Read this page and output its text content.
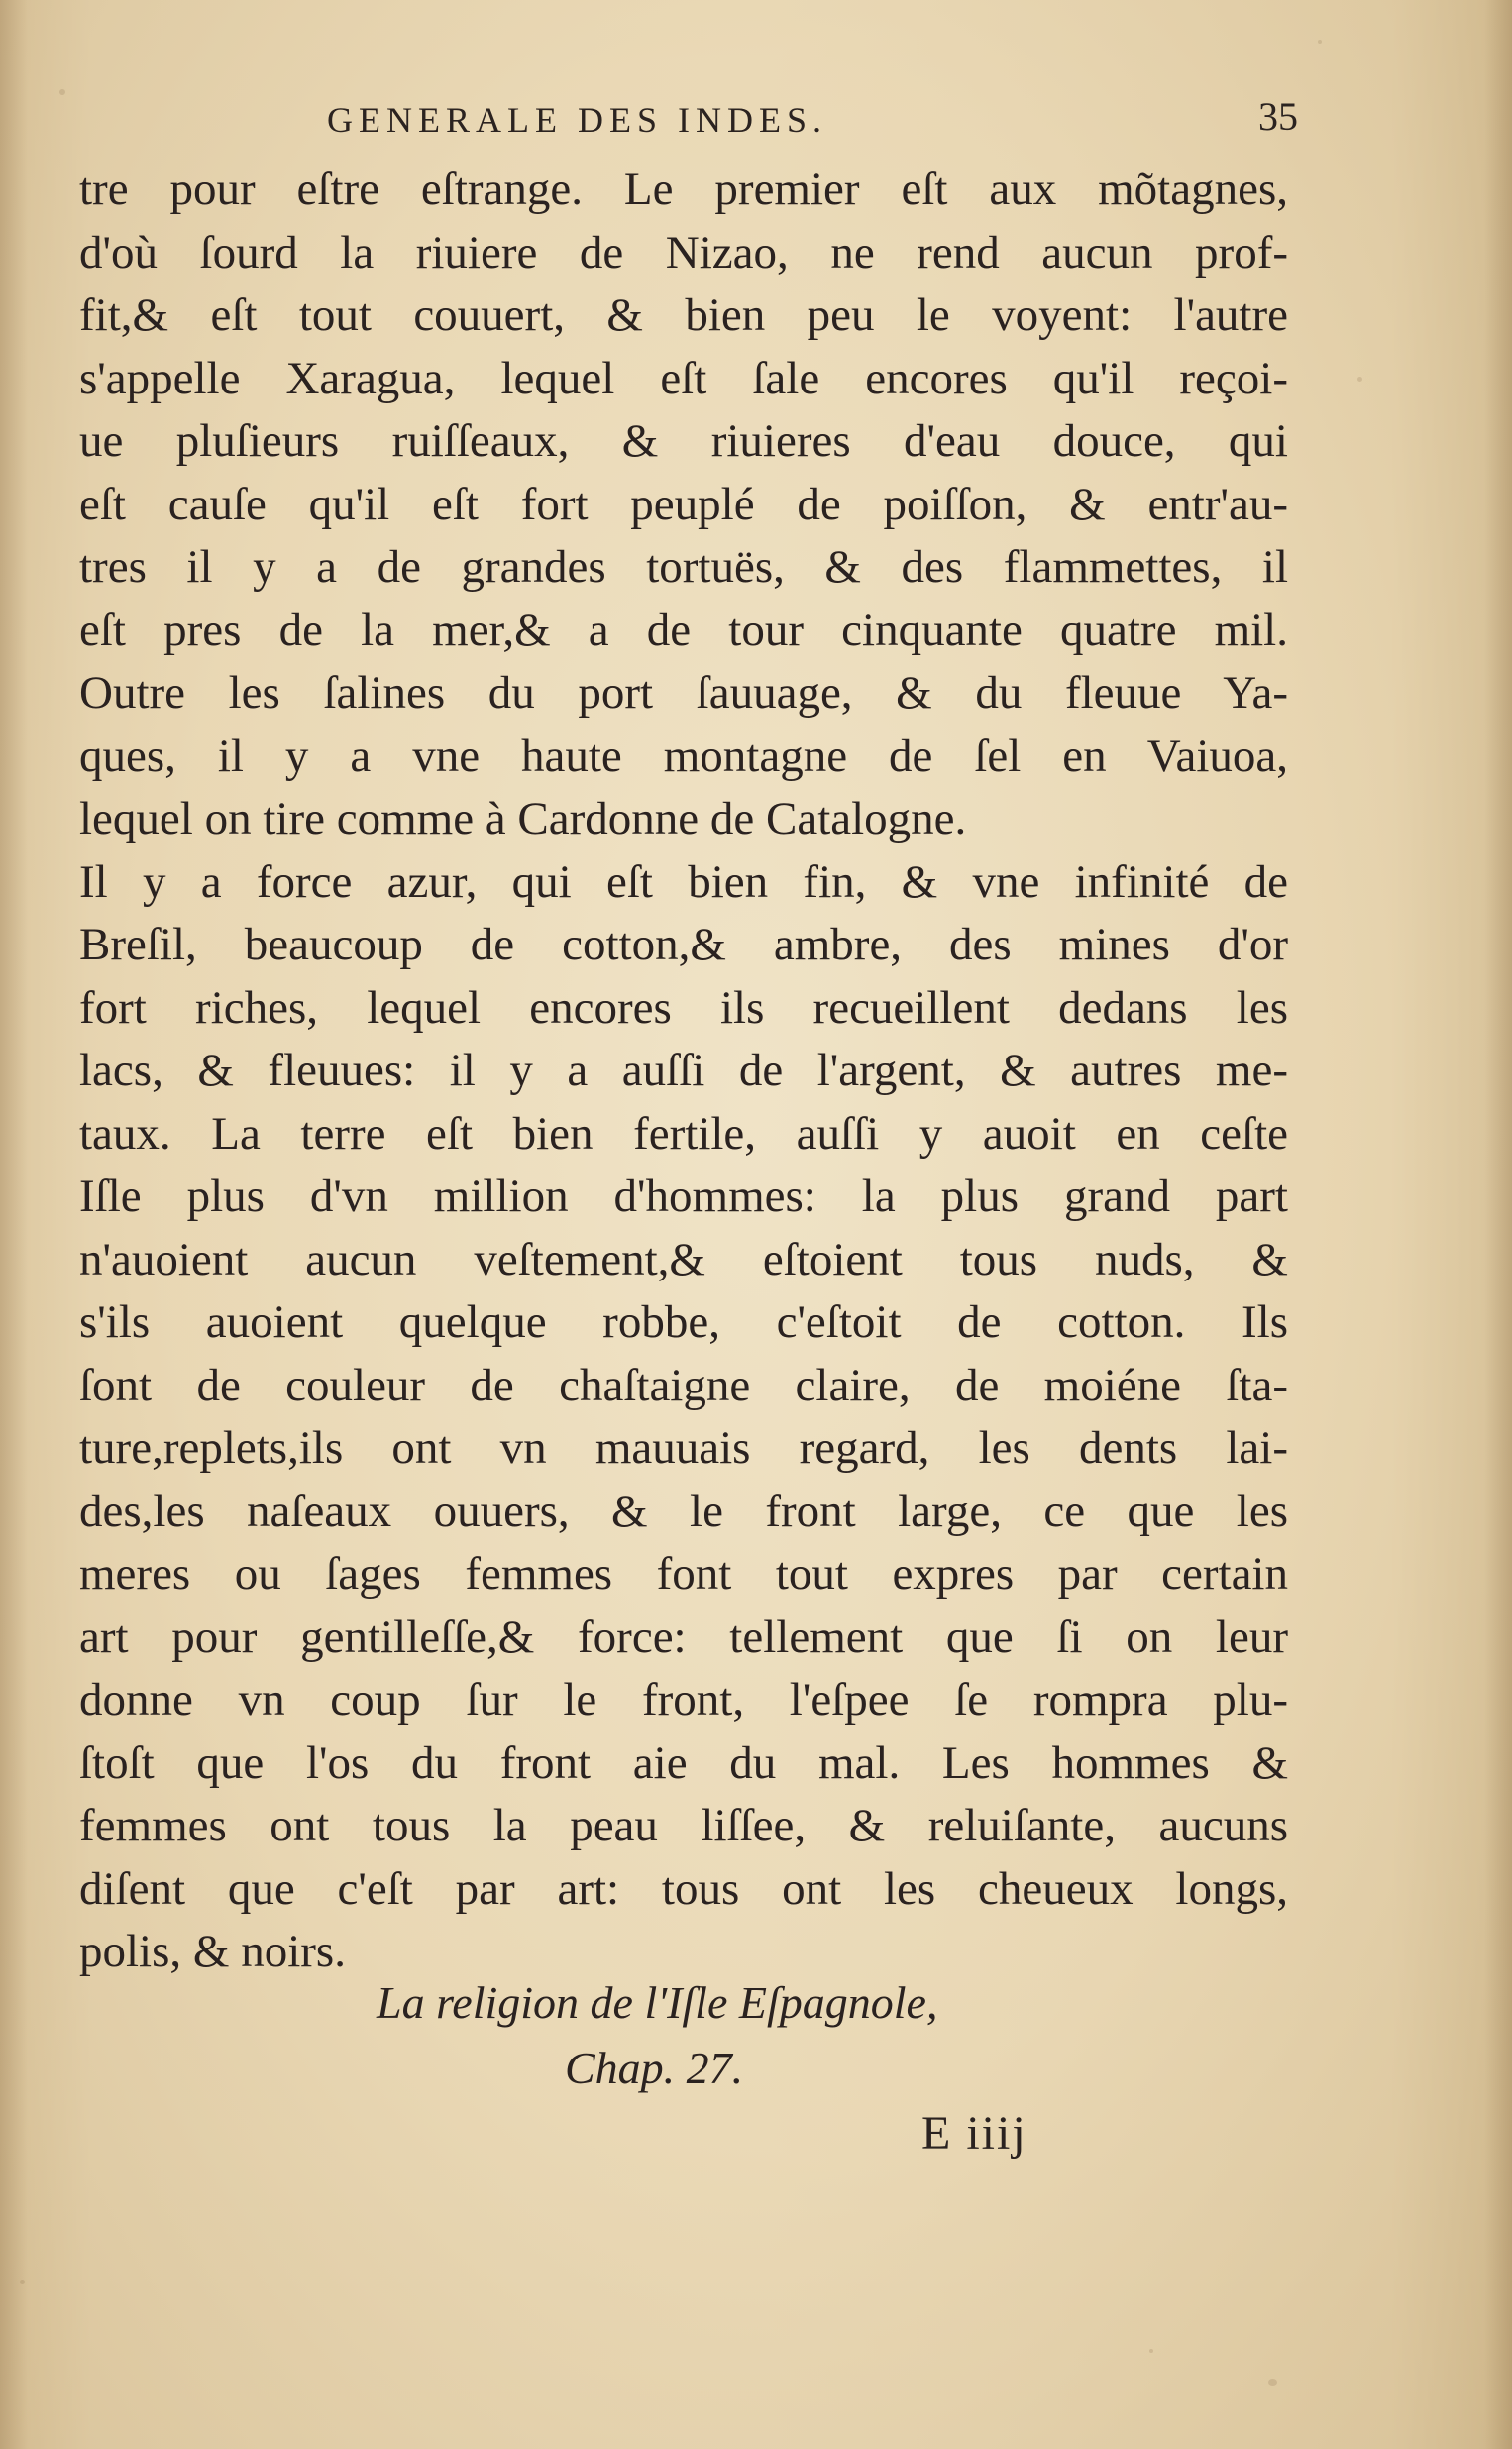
GENERALE DES INDES.	35
tre pour eſtre eſtrange. Le premier eſt aux mõtagnes,
d'où ſourd la riuiere de Nizao, ne rend aucun prof-
fit,& eſt tout couuert, & bien peu le voyent: l'autre
s'appelle Xaragua, lequel eſt ſale encores qu'il reçoi-
ue pluſieurs ruiſſeaux, & riuieres d'eau douce, qui
eſt cauſe qu'il eſt fort peuplé de poiſſon, & entr'au-
tres il y a de grandes tortuës, & des flammettes, il
eſt pres de la mer,& a de tour cinquante quatre mil.
Outre les ſalines du port ſauuage, & du fleuue Ya-
ques, il y a vne haute montagne de ſel en Vaiuoa,
lequel on tire comme à Cardonne de Catalogne.
Il y a force azur, qui eſt bien fin, & vne infinité de
Breſil, beaucoup de cotton,& ambre, des mines d'or
fort riches, lequel encores ils recueillent dedans les
lacs, & fleuues: il y a auſſi de l'argent, & autres me-
taux. La terre eſt bien fertile, auſſi y auoit en ceſte
Iſle plus d'vn million d'hommes: la plus grand part
n'auoient aucun veſtement,& eſtoient tous nuds, &
s'ils auoient quelque robbe, c'eſtoit de cotton. Ils
ſont de couleur de chaſtaigne claire, de moiéne ſta-
ture,replets,ils ont vn mauuais regard, les dents lai-
des,les naſeaux ouuers, & le front large, ce que les
meres ou ſages femmes font tout expres par certain
art pour gentilleſſe,& force: tellement que ſi on leur
donne vn coup ſur le front, l'eſpee ſe rompra plu-
ſtoſt que l'os du front aie du mal. Les hommes &
femmes ont tous la peau liſſee, & reluiſante, aucuns
diſent que c'eſt par art: tous ont les cheueux longs,
polis, & noirs.
La religion de l'Iſle Eſpagnole,
Chap. 27.
E iiij
